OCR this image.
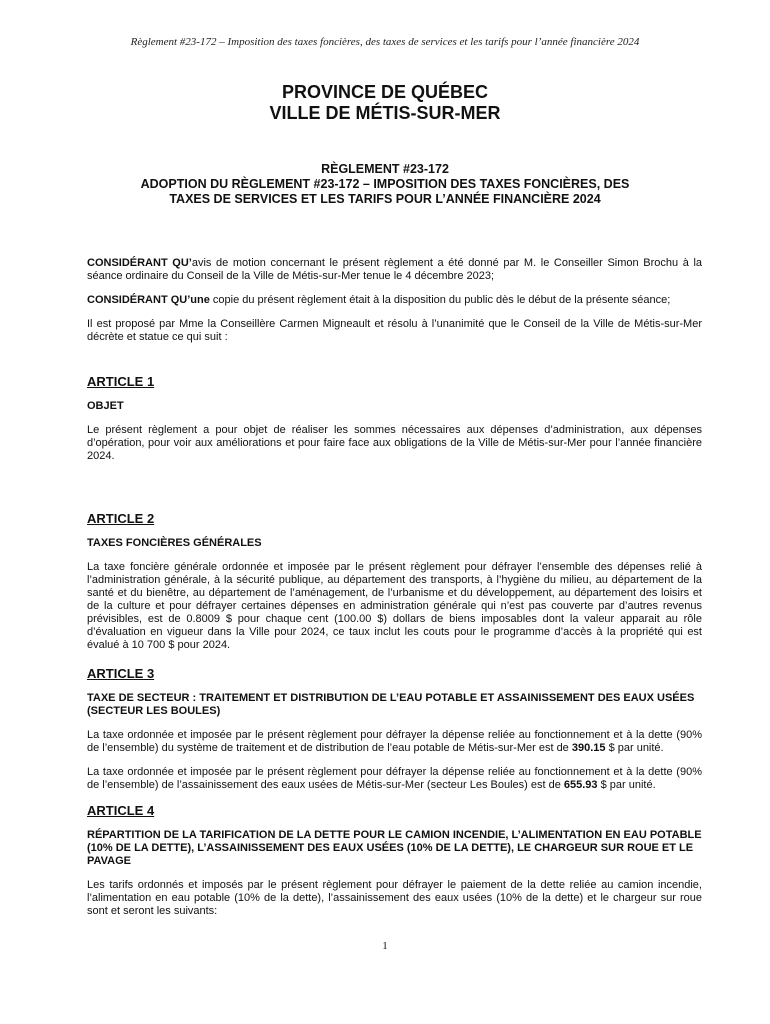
Règlement #23-172 – Imposition des taxes foncières, des taxes de services et les tarifs pour l’année financière 2024
PROVINCE DE QUÉBEC
VILLE DE MÉTIS-SUR-MER
RÈGLEMENT #23-172
ADOPTION DU RÈGLEMENT #23-172 – IMPOSITION DES TAXES FONCIÈRES, DES
TAXES DE SERVICES ET LES TARIFS POUR L’ANNÉE FINANCIÈRE 2024

CONSIDÉRANT QU’avis de motion concernant le présent règlement a été donné par M. le Conseiller Simon Brochu à la séance ordinaire du Conseil de la Ville de Métis-sur-Mer tenue le 4 décembre 2023;

CONSIDÉRANT QU’une copie du présent règlement était à la disposition du public dès le début de la présente séance;

Il est proposé par Mme la Conseillère Carmen Migneault et résolu à l’unanimité que le Conseil de la Ville de Métis-sur-Mer décrète et statue ce qui suit :

ARTICLE 1
OBJET

Le présent règlement a pour objet de réaliser les sommes nécessaires aux dépenses d’administration, aux dépenses d’opération, pour voir aux améliorations et pour faire face aux obligations de la Ville de Métis-sur-Mer pour l’année financière 2024.

ARTICLE 2
TAXES FONCIÈRES GÉNÉRALES

La taxe foncière générale ordonnée et imposée par le présent règlement pour défrayer l’ensemble des dépenses relié à l’administration générale, à la sécurité publique, au département des transports, à l’hygiène du milieu, au département de la santé et du bienêtre, au département de l’aménagement, de l’urbanisme et du développement, au département des loisirs et de la culture et pour défrayer certaines dépenses en administration générale qui n’est pas couverte par d’autres revenus prévisibles, est de 0.8009 $ pour chaque cent (100.00 $) dollars de biens imposables dont la valeur apparait au rôle d’évaluation en vigueur dans la Ville pour 2024, ce taux inclut les couts pour le programme d’accès à la propriété qui est évalué à 10 700 $ pour 2024.

ARTICLE 3
TAXE DE SECTEUR : TRAITEMENT ET DISTRIBUTION DE L’EAU POTABLE ET ASSAINISSEMENT DES EAUX USÉES (SECTEUR LES BOULES)

La taxe ordonnée et imposée par le présent règlement pour défrayer la dépense reliée au fonctionnement et à la dette (90% de l’ensemble) du système de traitement et de distribution de l’eau potable de Métis-sur-Mer est de 390.15 $ par unité.

La taxe ordonnée et imposée par le présent règlement pour défrayer la dépense reliée au fonctionnement et à la dette (90% de l’ensemble) de l’assainissement des eaux usées de Métis-sur-Mer (secteur Les Boules) est de 655.93 $ par unité.

ARTICLE 4
RÉPARTITION DE LA TARIFICATION DE LA DETTE POUR LE CAMION INCENDIE, L’ALIMENTATION EN EAU POTABLE (10% DE LA DETTE), L’ASSAINISSEMENT DES EAUX USÉES (10% DE LA DETTE), LE CHARGEUR SUR ROUE ET LE PAVAGE

Les tarifs ordonnés et imposés par le présent règlement pour défrayer le paiement de la dette reliée au camion incendie, l’alimentation en eau potable (10% de la dette), l’assainissement des eaux usées (10% de la dette) et le chargeur sur roue sont et seront les suivants:

1
